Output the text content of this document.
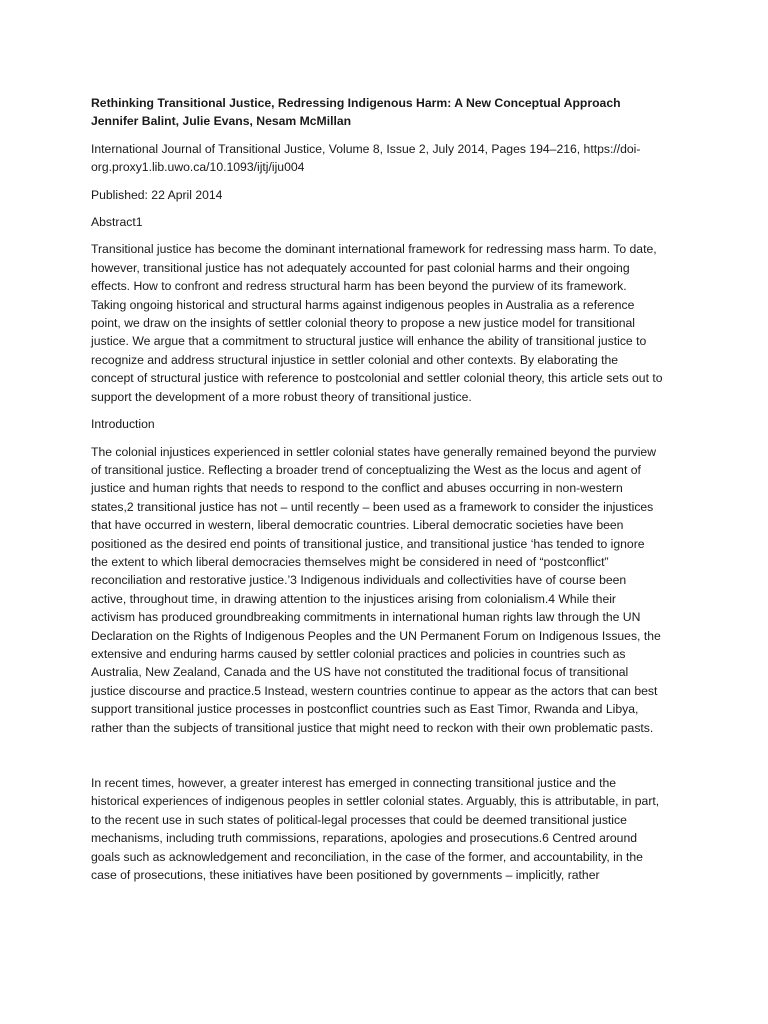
Rethinking Transitional Justice, Redressing Indigenous Harm: A New Conceptual Approach Jennifer Balint, Julie Evans, Nesam McMillan

International Journal of Transitional Justice, Volume 8, Issue 2, July 2014, Pages 194–216, https://doi-org.proxy1.lib.uwo.ca/10.1093/ijtj/iju004

Published: 22 April 2014

Abstract1

Transitional justice has become the dominant international framework for redressing mass harm. To date, however, transitional justice has not adequately accounted for past colonial harms and their ongoing effects. How to confront and redress structural harm has been beyond the purview of its framework. Taking ongoing historical and structural harms against indigenous peoples in Australia as a reference point, we draw on the insights of settler colonial theory to propose a new justice model for transitional justice. We argue that a commitment to structural justice will enhance the ability of transitional justice to recognize and address structural injustice in settler colonial and other contexts. By elaborating the concept of structural justice with reference to postcolonial and settler colonial theory, this article sets out to support the development of a more robust theory of transitional justice.

Introduction

The colonial injustices experienced in settler colonial states have generally remained beyond the purview of transitional justice. Reflecting a broader trend of conceptualizing the West as the locus and agent of justice and human rights that needs to respond to the conflict and abuses occurring in non-western states,2 transitional justice has not – until recently – been used as a framework to consider the injustices that have occurred in western, liberal democratic countries. Liberal democratic societies have been positioned as the desired end points of transitional justice, and transitional justice ‘has tended to ignore the extent to which liberal democracies themselves might be considered in need of “postconflict” reconciliation and restorative justice.’3 Indigenous individuals and collectivities have of course been active, throughout time, in drawing attention to the injustices arising from colonialism.4 While their activism has produced groundbreaking commitments in international human rights law through the UN Declaration on the Rights of Indigenous Peoples and the UN Permanent Forum on Indigenous Issues, the extensive and enduring harms caused by settler colonial practices and policies in countries such as Australia, New Zealand, Canada and the US have not constituted the traditional focus of transitional justice discourse and practice.5 Instead, western countries continue to appear as the actors that can best support transitional justice processes in postconflict countries such as East Timor, Rwanda and Libya, rather than the subjects of transitional justice that might need to reckon with their own problematic pasts.

In recent times, however, a greater interest has emerged in connecting transitional justice and the historical experiences of indigenous peoples in settler colonial states. Arguably, this is attributable, in part, to the recent use in such states of political-legal processes that could be deemed transitional justice mechanisms, including truth commissions, reparations, apologies and prosecutions.6 Centred around goals such as acknowledgement and reconciliation, in the case of the former, and accountability, in the case of prosecutions, these initiatives have been positioned by governments – implicitly, rather
